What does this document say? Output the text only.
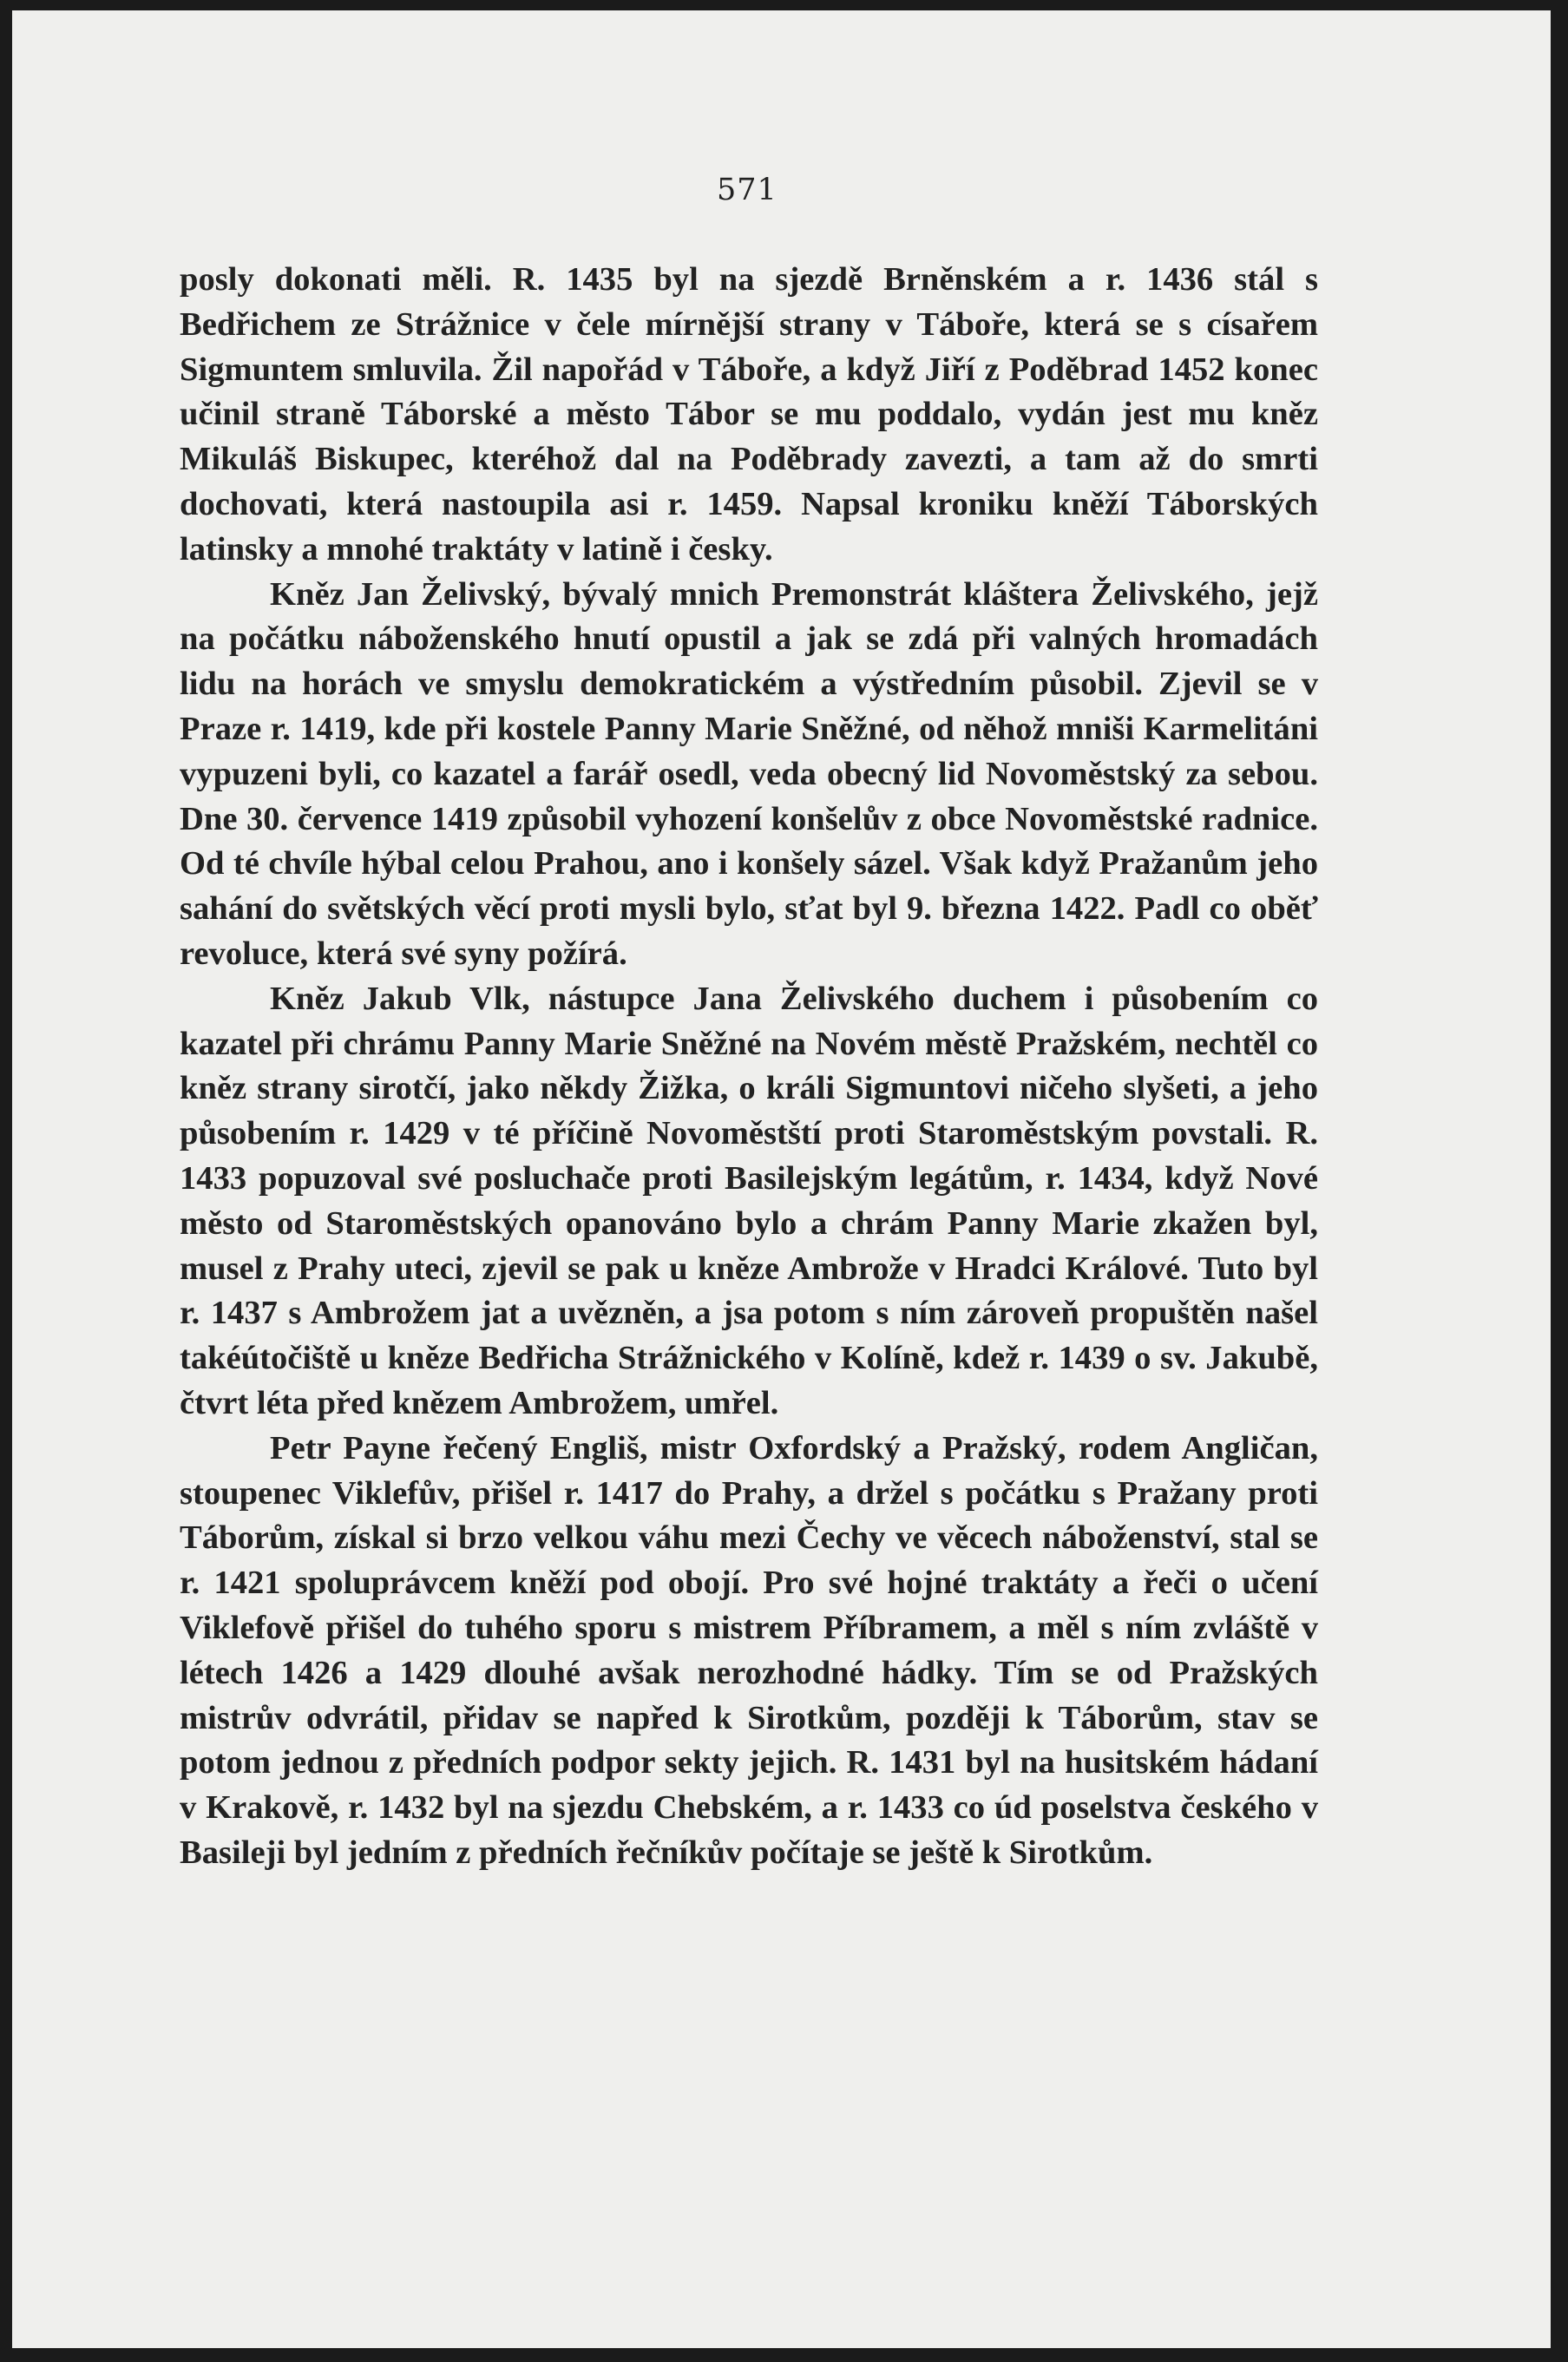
571

posly dokonati měli. R. 1435 byl na sjezdě Brněnském a r. 1436 stál s Bedřichem ze Strážnice v čele mírnější strany v Táboře, která se s císařem Sigmuntem smluvila. Žil napořád v Táboře, a když Jiří z Poděbrad 1452 konec učinil straně Táborské a město Tábor se mu poddalo, vydán jest mu kněz Mikuláš Biskupec, kteréhož dal na Poděbrady zavezti, a tam až do smrti dochovati, která nastoupila asi r. 1459. Napsal kroniku kněží Táborských latinsky a mnohé traktáty v latině i česky.

Kněz Jan Želivský, bývalý mnich Premonstrát kláštera Želivského, jejž na počátku náboženského hnutí opustil a jak se zdá při valných hromadách lidu na horách ve smyslu demokratickém a výstředním působil. Zjevil se v Praze r. 1419, kde při kostele Panny Marie Sněžné, od něhož mniši Karmelitáni vypuzeni byli, co kazatel a farář osedl, veda obecný lid Novoměstský za sebou. Dne 30. července 1419 způsobil vyhození konšelův z obce Novoměstské radnice. Od té chvíle hýbal celou Prahou, ano i konšely sázel. Však když Pražanům jeho sahání do světských věcí proti mysli bylo, sťat byl 9. března 1422. Padl co oběť revoluce, která své syny požírá.

Kněz Jakub Vlk, nástupce Jana Želivského duchem i působením co kazatel při chrámu Panny Marie Sněžné na Novém městě Pražském, nechtěl co kněz strany sirotčí, jako někdy Žižka, o králi Sigmuntovi ničeho slyšeti, a jeho působením r. 1429 v té příčině Novoměstští proti Staroměstským povstali. R. 1433 popuzoval své posluchače proti Basilejským legátům, r. 1434, když Nové město od Staroměstských opanováno bylo a chrám Panny Marie zkažen byl, musel z Prahy uteci, zjevil se pak u kněze Ambrože v Hradci Králové. Tuto byl r. 1437 s Ambrožem jat a uvězněn, a jsa potom s ním zároveň propuštěn našel takéútočiště u kněze Bedřicha Strážnického v Kolíně, kdež r. 1439 o sv. Jakubě, čtvrt léta před knězem Ambrožem, umřel.

Petr Payne řečený Engliš, mistr Oxfordský a Pražský, rodem Angličan, stoupenec Viklefův, přišel r. 1417 do Prahy, a držel s počátku s Pražany proti Táborům, získal si brzo velkou váhu mezi Čechy ve věcech náboženství, stal se r. 1421 spoluprávcem kněží pod obojí. Pro své hojné traktáty a řeči o učení Viklefově přišel do tuhého sporu s mistrem Příbramem, a měl s ním zvláště v létech 1426 a 1429 dlouhé avšak nerozhodné hádky. Tím se od Pražských mistrův odvrátil, přidav se napřed k Sirotkům, později k Táborům, stav se potom jednou z předních podpor sekty jejich. R. 1431 byl na husitském hádaní v Krakově, r. 1432 byl na sjezdu Chebském, a r. 1433 co úd poselstva českého v Basileji byl jedním z předních řečníkův počítaje se ještě k Sirotkům.
